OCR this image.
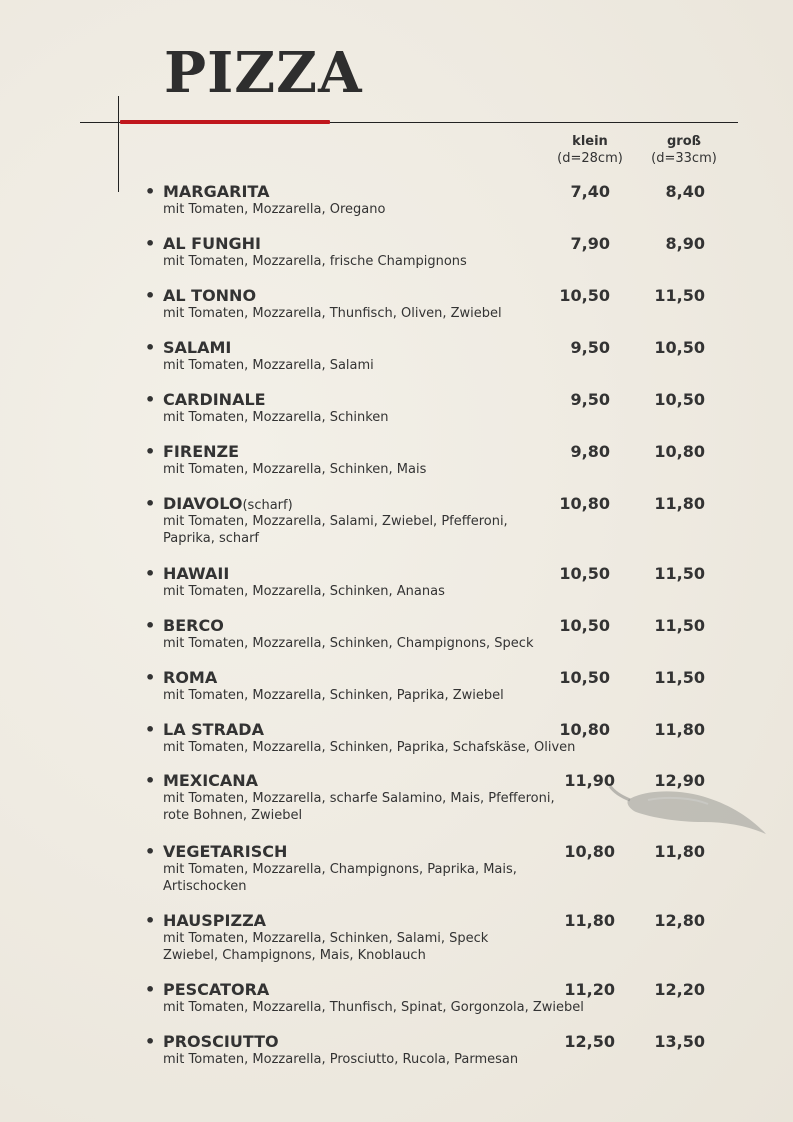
PIZZA
klein
(d=28cm)
groß
(d=33cm)
• MARGARITA	7,40	8,40
mit Tomaten, Mozzarella, Oregano
• AL FUNGHI	7,90	8,90
mit Tomaten, Mozzarella, frische Champignons
• AL TONNO	10,50	11,50
mit Tomaten, Mozzarella, Thunfisch, Oliven, Zwiebel
• SALAMI	9,50	10,50
mit Tomaten, Mozzarella, Salami
• CARDINALE	9,50	10,50
mit Tomaten, Mozzarella, Schinken
• FIRENZE	9,80	10,80
mit Tomaten, Mozzarella, Schinken, Mais
• DIAVOLO(scharf)	10,80	11,80
mit Tomaten, Mozzarella, Salami, Zwiebel, Pfefferoni,
Paprika, scharf
• HAWAII	10,50	11,50
mit Tomaten, Mozzarella, Schinken, Ananas
• BERCO	10,50	11,50
mit Tomaten, Mozzarella, Schinken, Champignons, Speck
• ROMA	10,50	11,50
mit Tomaten, Mozzarella, Schinken, Paprika, Zwiebel
• LA STRADA	10,80	11,80
mit Tomaten, Mozzarella, Schinken, Paprika, Schafskäse, Oliven
• MEXICANA	11,90	12,90
mit Tomaten, Mozzarella, scharfe Salamino, Mais, Pfefferoni,
rote Bohnen, Zwiebel
• VEGETARISCH	10,80	11,80
mit Tomaten, Mozzarella, Champignons, Paprika, Mais,
Artischocken
• HAUSPIZZA	11,80	12,80
mit Tomaten, Mozzarella, Schinken, Salami, Speck
Zwiebel, Champignons, Mais, Knoblauch
• PESCATORA	11,20	12,20
mit Tomaten, Mozzarella, Thunfisch, Spinat, Gorgonzola, Zwiebel
• PROSCIUTTO	12,50	13,50
mit Tomaten, Mozzarella, Prosciutto, Rucola, Parmesan
